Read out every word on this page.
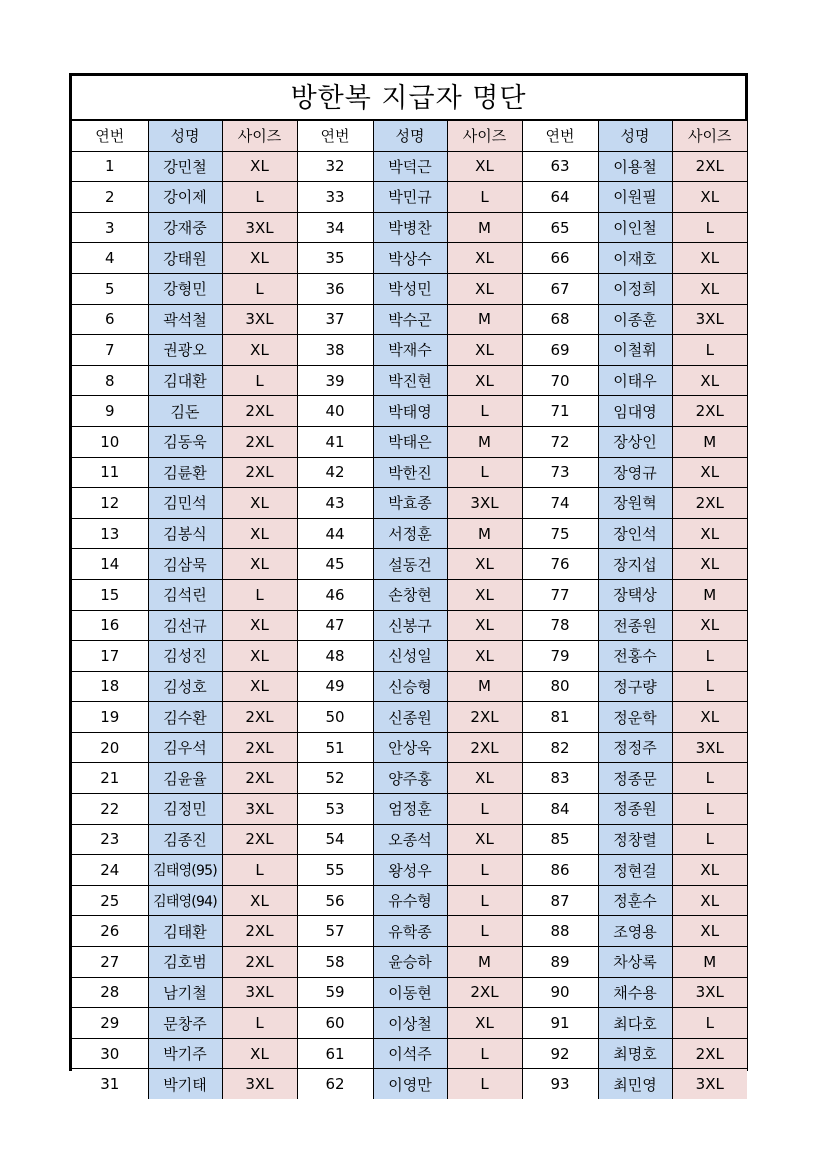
방한복 지급자 명단
연번	성명	사이즈	연번	성명	사이즈	연번	성명	사이즈
1	강민철	XL	32	박덕근	XL	63	이용철	2XL
2	강이제	L	33	박민규	L	64	이원필	XL
3	강재중	3XL	34	박병찬	M	65	이인철	L
4	강태원	XL	35	박상수	XL	66	이재호	XL
5	강형민	L	36	박성민	XL	67	이정희	XL
6	곽석철	3XL	37	박수곤	M	68	이종훈	3XL
7	권광오	XL	38	박재수	XL	69	이철휘	L
8	김대환	L	39	박진현	XL	70	이태우	XL
9	김돈	2XL	40	박태영	L	71	임대영	2XL
10	김동욱	2XL	41	박태은	M	72	장상인	M
11	김륜환	2XL	42	박한진	L	73	장영규	XL
12	김민석	XL	43	박효종	3XL	74	장원혁	2XL
13	김봉식	XL	44	서정훈	M	75	장인석	XL
14	김삼묵	XL	45	설동건	XL	76	장지섭	XL
15	김석린	L	46	손창현	XL	77	장택상	M
16	김선규	XL	47	신봉구	XL	78	전종원	XL
17	김성진	XL	48	신성일	XL	79	전홍수	L
18	김성호	XL	49	신승형	M	80	정구량	L
19	김수환	2XL	50	신종원	2XL	81	정운학	XL
20	김우석	2XL	51	안상욱	2XL	82	정정주	3XL
21	김윤율	2XL	52	양주홍	XL	83	정종문	L
22	김정민	3XL	53	엄정훈	L	84	정종원	L
23	김종진	2XL	54	오종석	XL	85	정창렬	L
24	김태영(95)	L	55	왕성우	L	86	정현걸	XL
25	김태영(94)	XL	56	유수형	L	87	정훈수	XL
26	김태환	2XL	57	유학종	L	88	조영용	XL
27	김호범	2XL	58	윤승하	M	89	차상록	M
28	남기철	3XL	59	이동현	2XL	90	채수용	3XL
29	문창주	L	60	이상철	XL	91	최다호	L
30	박기주	XL	61	이석주	L	92	최명호	2XL
31	박기태	3XL	62	이영만	L	93	최민영	3XL
